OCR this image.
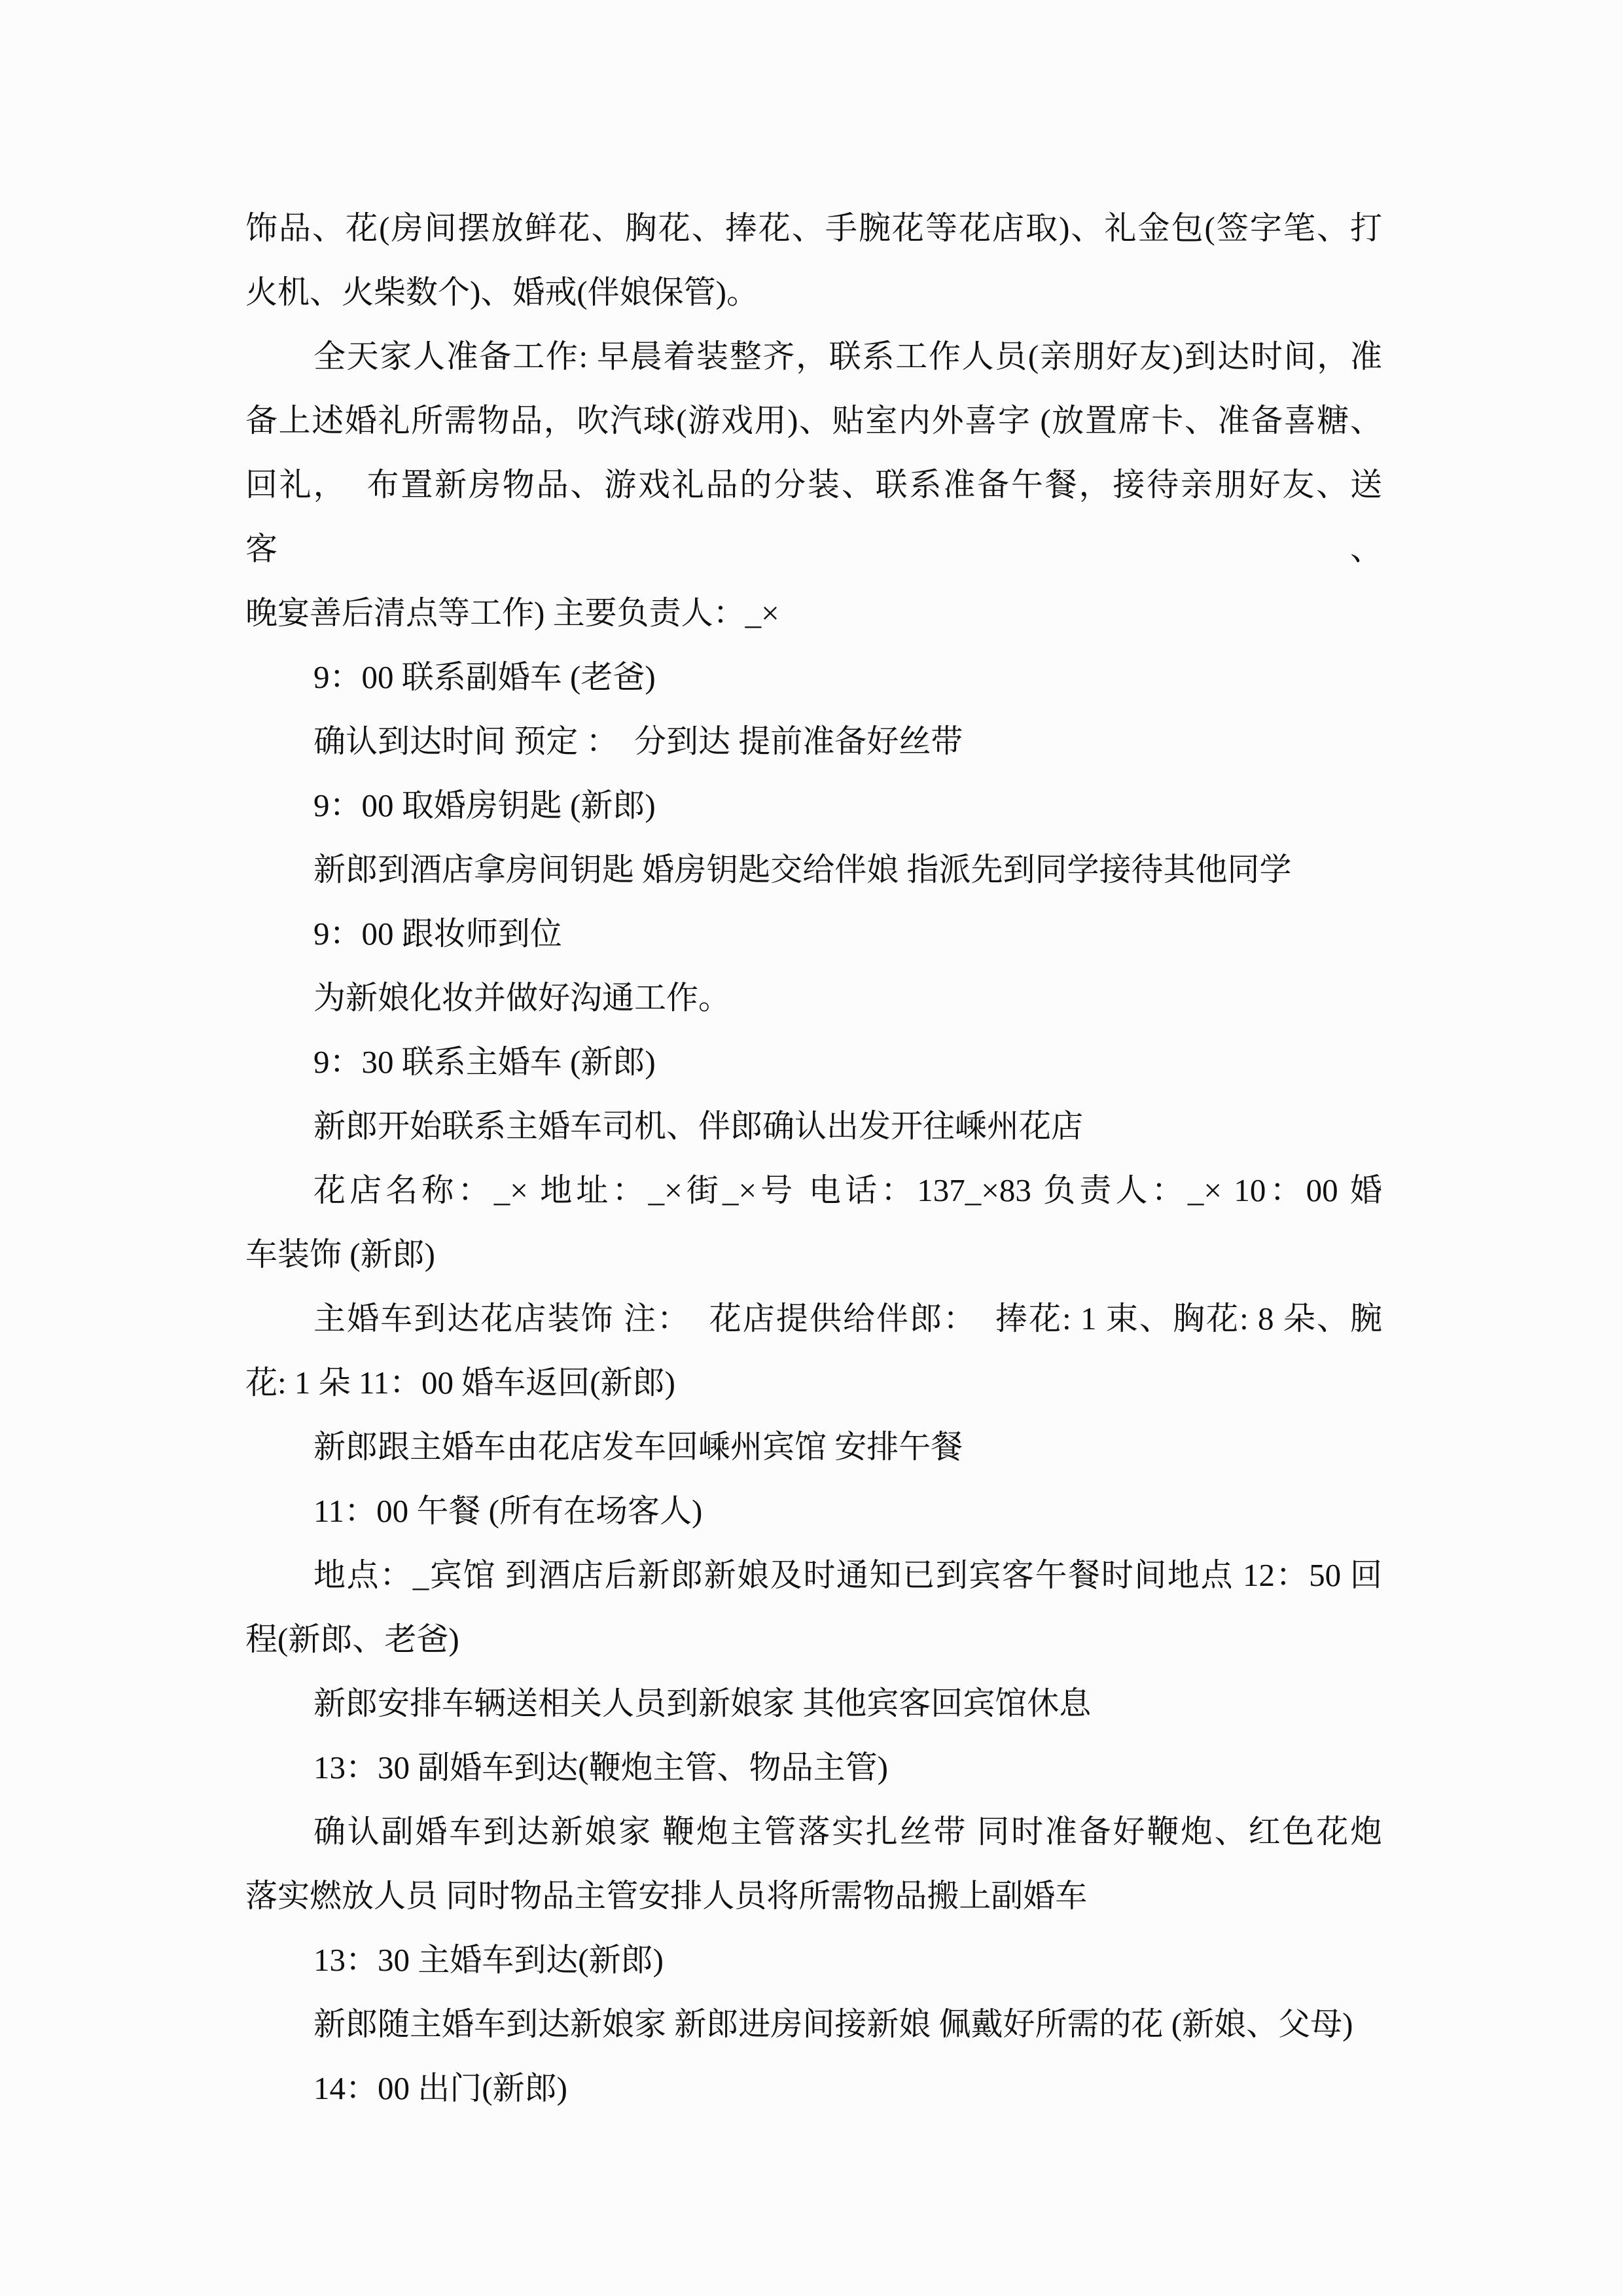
饰品、花(房间摆放鲜花、胸花、捧花、手腕花等花店取)、礼金包(签字笔、打
火机、火柴数个)、婚戒(伴娘保管)。
全天家人准备工作: 早晨着装整齐，联系工作人员(亲朋好友)到达时间，准
备上述婚礼所需物品，吹汽球(游戏用)、贴室内外喜字 (放置席卡、准备喜糖、
回礼，  布置新房物品、游戏礼品的分装、联系准备午餐，接待亲朋好友、送客、
晚宴善后清点等工作) 主要负责人：_×
9：00 联系副婚车 (老爸)
确认到达时间 预定 ：  分到达 提前准备好丝带
9：00 取婚房钥匙 (新郎)
新郎到酒店拿房间钥匙 婚房钥匙交给伴娘 指派先到同学接待其他同学
9：00 跟妆师到位
为新娘化妆并做好沟通工作。
9：30 联系主婚车 (新郎)
新郎开始联系主婚车司机、伴郎确认出发开往嵊州花店
花店名称：_× 地址：_×街_×号 电话：137_×83 负责人：_× 10：00 婚
车装饰 (新郎)
主婚车到达花店装饰 注：  花店提供给伴郎：  捧花: 1 束、胸花: 8 朵、腕
花: 1 朵 11：00 婚车返回(新郎)
新郎跟主婚车由花店发车回嵊州宾馆 安排午餐
11：00 午餐 (所有在场客人)
地点：_宾馆 到酒店后新郎新娘及时通知已到宾客午餐时间地点 12：50 回
程(新郎、老爸)
新郎安排车辆送相关人员到新娘家 其他宾客回宾馆休息
13：30 副婚车到达(鞭炮主管、物品主管)
确认副婚车到达新娘家 鞭炮主管落实扎丝带 同时准备好鞭炮、红色花炮
落实燃放人员 同时物品主管安排人员将所需物品搬上副婚车
13：30 主婚车到达(新郎)
新郎随主婚车到达新娘家 新郎进房间接新娘 佩戴好所需的花 (新娘、父母)
14：00 出门(新郎)
